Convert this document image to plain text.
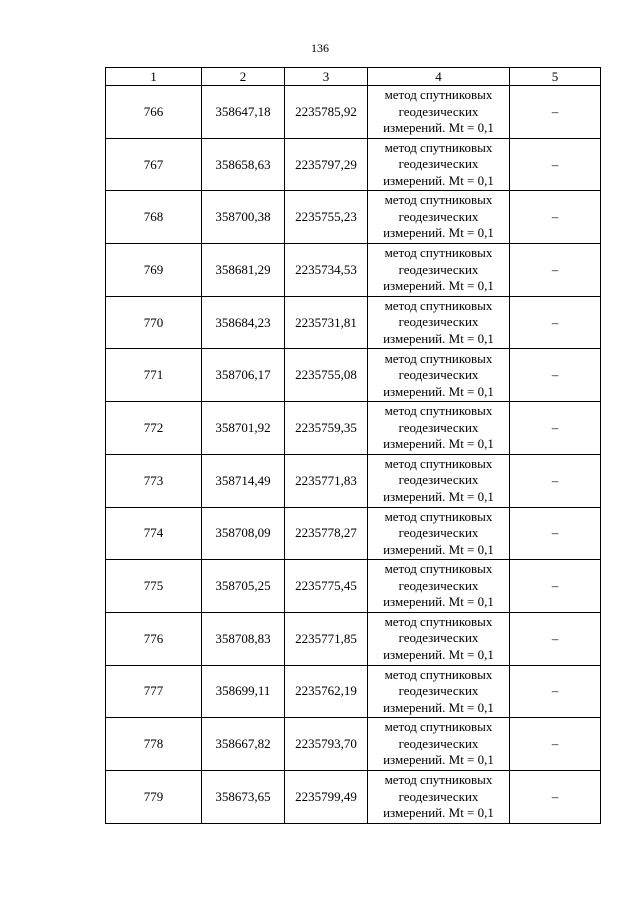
136
1	2	3	4	5
766	358647,18	2235785,92	метод спутниковых
геодезических
измерений. Mt = 0,1	–
767	358658,63	2235797,29	метод спутниковых
геодезических
измерений. Mt = 0,1	–
768	358700,38	2235755,23	метод спутниковых
геодезических
измерений. Mt = 0,1	–
769	358681,29	2235734,53	метод спутниковых
геодезических
измерений. Mt = 0,1	–
770	358684,23	2235731,81	метод спутниковых
геодезических
измерений. Mt = 0,1	–
771	358706,17	2235755,08	метод спутниковых
геодезических
измерений. Mt = 0,1	–
772	358701,92	2235759,35	метод спутниковых
геодезических
измерений. Mt = 0,1	–
773	358714,49	2235771,83	метод спутниковых
геодезических
измерений. Mt = 0,1	–
774	358708,09	2235778,27	метод спутниковых
геодезических
измерений. Mt = 0,1	–
775	358705,25	2235775,45	метод спутниковых
геодезических
измерений. Mt = 0,1	–
776	358708,83	2235771,85	метод спутниковых
геодезических
измерений. Mt = 0,1	–
777	358699,11	2235762,19	метод спутниковых
геодезических
измерений. Mt = 0,1	–
778	358667,82	2235793,70	метод спутниковых
геодезических
измерений. Mt = 0,1	–
779	358673,65	2235799,49	метод спутниковых
геодезических
измерений. Mt = 0,1	–
